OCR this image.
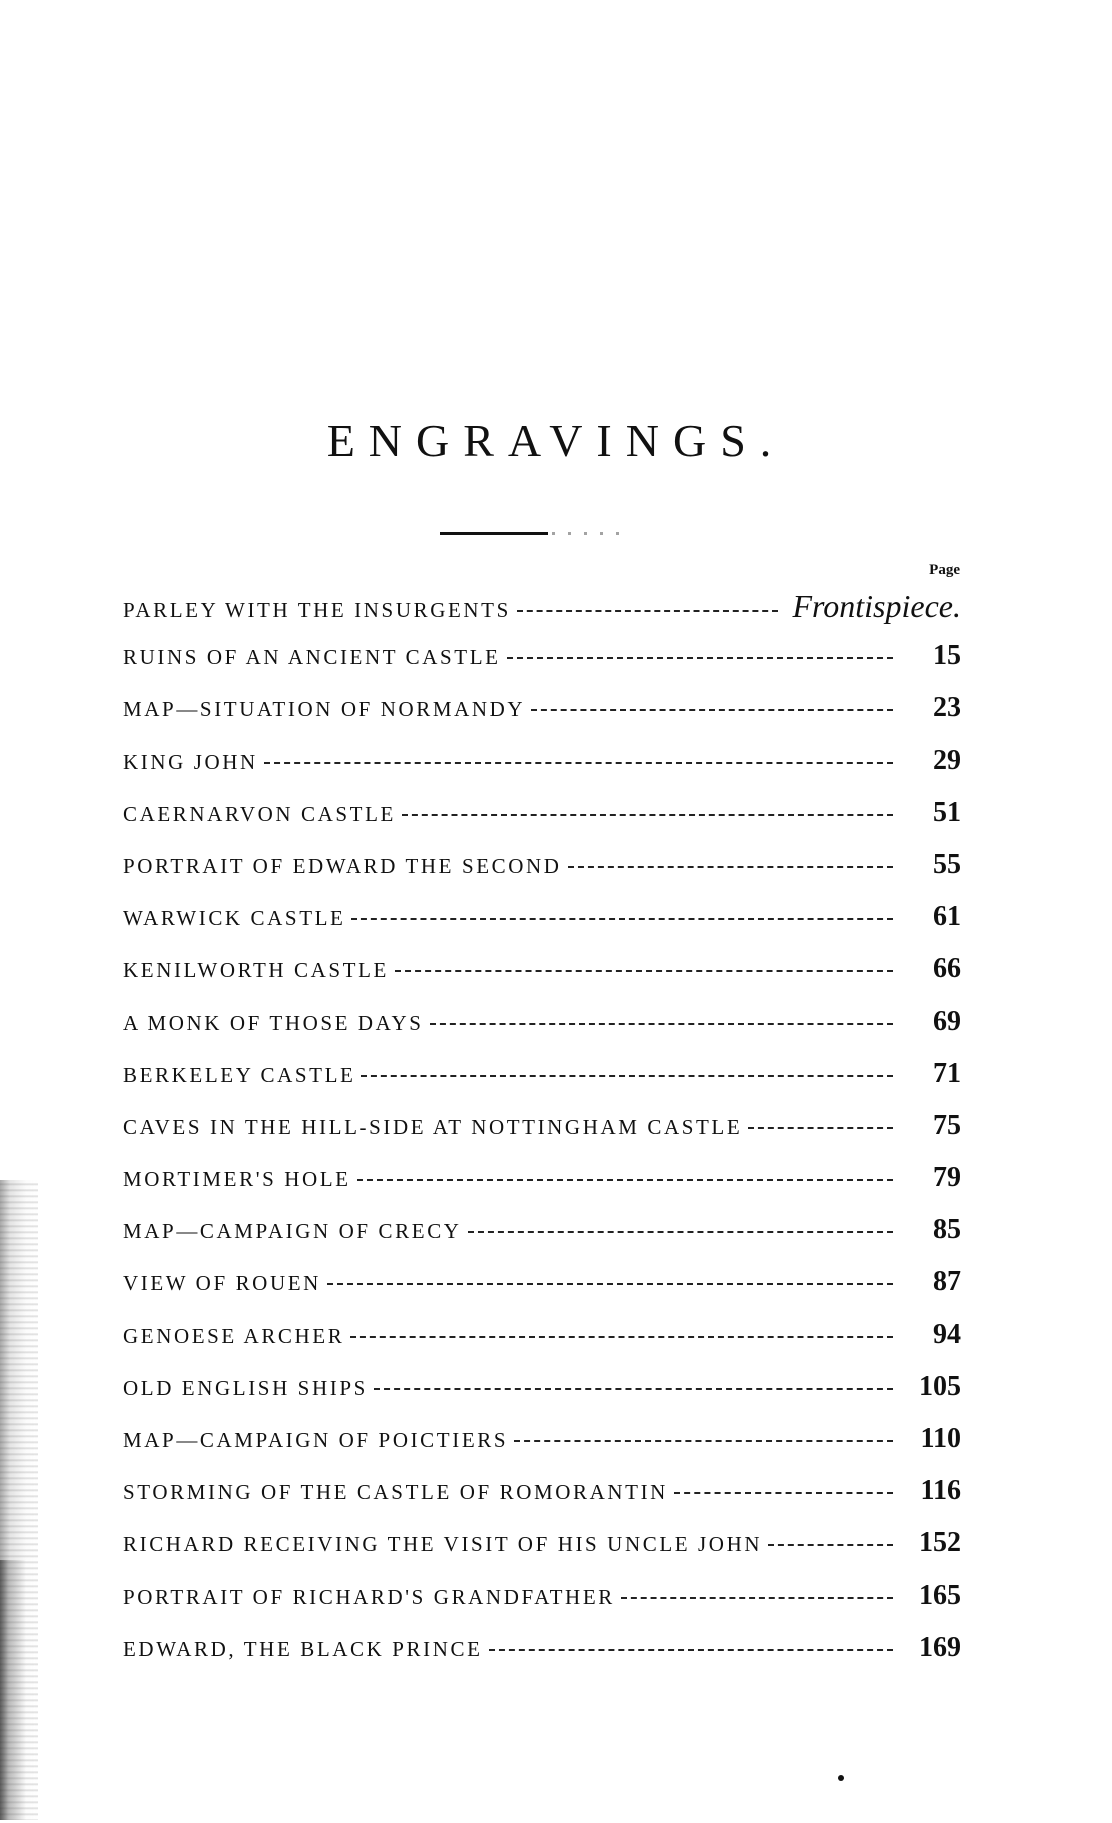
ENGRAVINGS.
Page
PARLEY WITH THE INSURGENTS	Frontispiece.
RUINS OF AN ANCIENT CASTLE	15
MAP—SITUATION OF NORMANDY	23
KING JOHN	29
CAERNARVON CASTLE	51
PORTRAIT OF EDWARD THE SECOND	55
WARWICK CASTLE	61
KENILWORTH CASTLE	66
A MONK OF THOSE DAYS	69
BERKELEY CASTLE	71
CAVES IN THE HILL-SIDE AT NOTTINGHAM CASTLE	75
MORTIMER'S HOLE	79
MAP—CAMPAIGN OF CRECY	85
VIEW OF ROUEN	87
GENOESE ARCHER	94
OLD ENGLISH SHIPS	105
MAP—CAMPAIGN OF POICTIERS	110
STORMING OF THE CASTLE OF ROMORANTIN	116
RICHARD RECEIVING THE VISIT OF HIS UNCLE JOHN	152
PORTRAIT OF RICHARD'S GRANDFATHER	165
EDWARD, THE BLACK PRINCE	169
